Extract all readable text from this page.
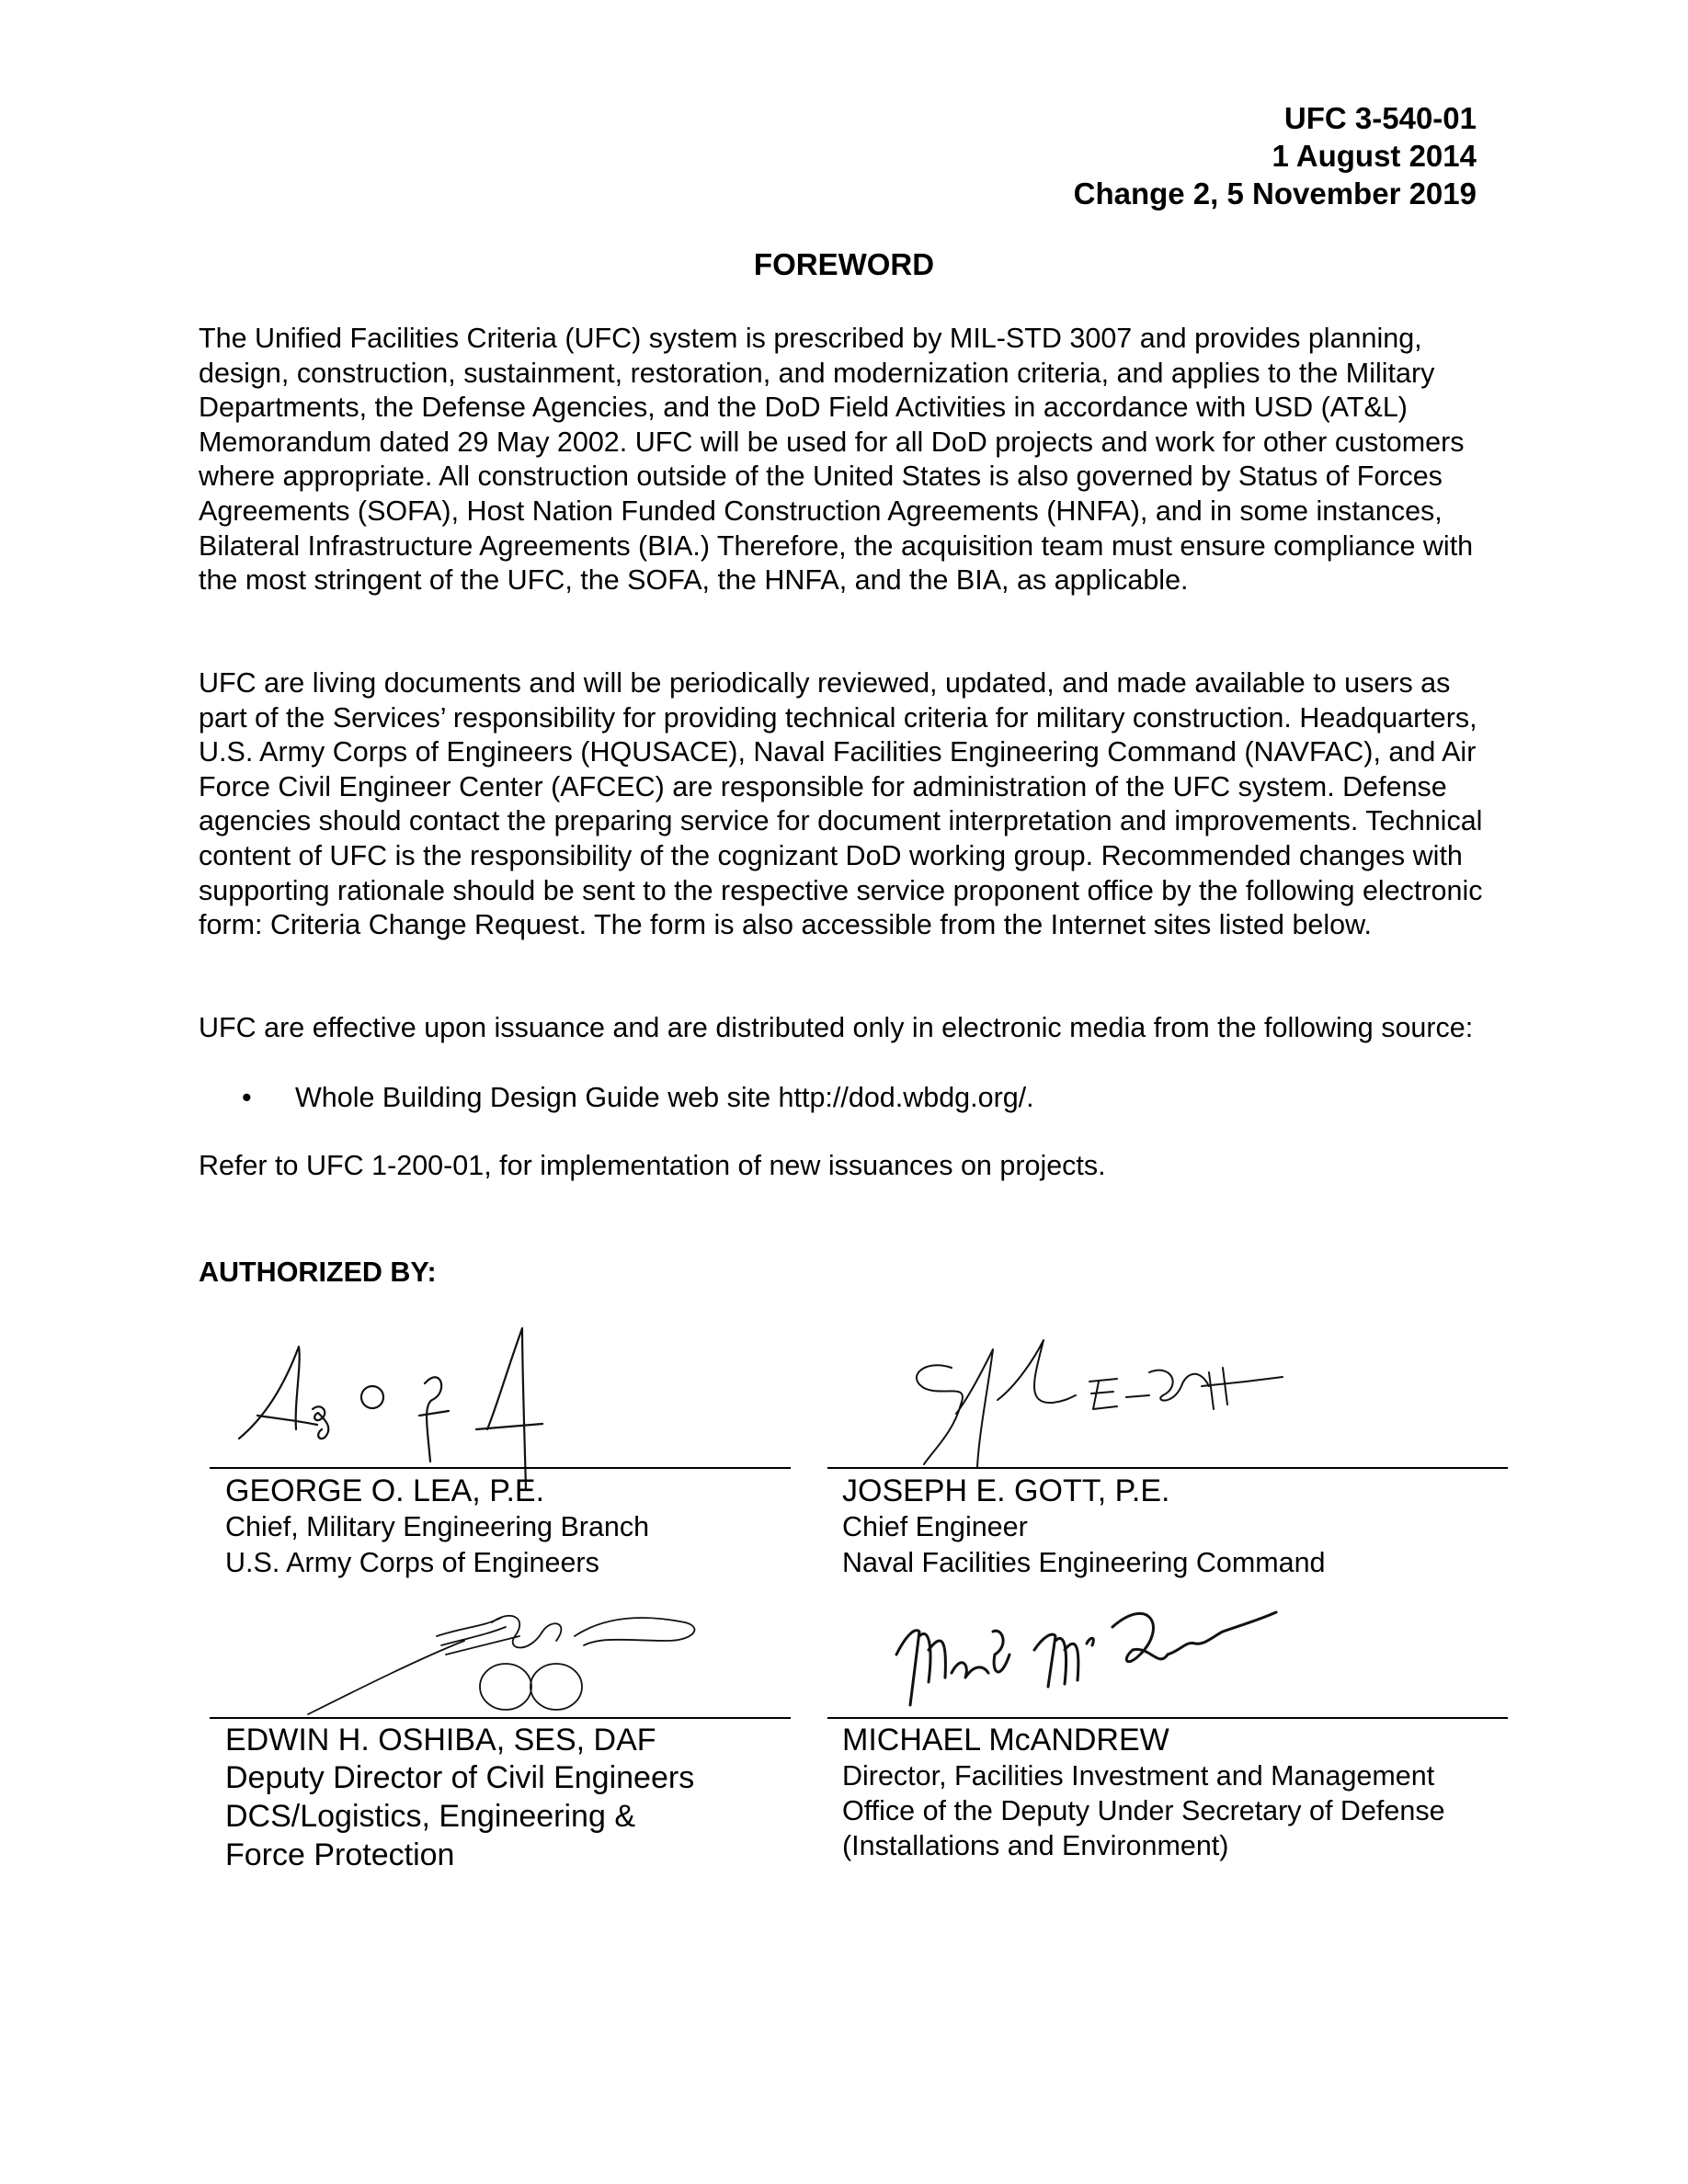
UFC 3-540-01
1 August 2014
Change 2, 5 November 2019
FOREWORD
The Unified Facilities Criteria (UFC) system is prescribed by MIL-STD 3007 and provides planning, design, construction, sustainment, restoration, and modernization criteria, and applies to the Military Departments, the Defense Agencies, and the DoD Field Activities in accordance with USD (AT&L) Memorandum dated 29 May 2002. UFC will be used for all DoD projects and work for other customers where appropriate. All construction outside of the United States is also governed by Status of Forces Agreements (SOFA), Host Nation Funded Construction Agreements (HNFA), and in some instances, Bilateral Infrastructure Agreements (BIA.) Therefore, the acquisition team must ensure compliance with the most stringent of the UFC, the SOFA, the HNFA, and the BIA, as applicable.
UFC are living documents and will be periodically reviewed, updated, and made available to users as part of the Services’ responsibility for providing technical criteria for military construction. Headquarters, U.S. Army Corps of Engineers (HQUSACE), Naval Facilities Engineering Command (NAVFAC), and Air Force Civil Engineer Center (AFCEC) are responsible for administration of the UFC system. Defense agencies should contact the preparing service for document interpretation and improvements. Technical content of UFC is the responsibility of the cognizant DoD working group. Recommended changes with supporting rationale should be sent to the respective service proponent office by the following electronic form: Criteria Change Request. The form is also accessible from the Internet sites listed below.
UFC are effective upon issuance and are distributed only in electronic media from the following source:
• Whole Building Design Guide web site http://dod.wbdg.org/.
Refer to UFC 1-200-01, for implementation of new issuances on projects.
AUTHORIZED BY:
GEORGE O. LEA, P.E.
Chief, Military Engineering Branch
U.S. Army Corps of Engineers
JOSEPH E. GOTT, P.E.
Chief Engineer
Naval Facilities Engineering Command
EDWIN H. OSHIBA, SES, DAF
Deputy Director of Civil Engineers
DCS/Logistics, Engineering &
Force Protection
MICHAEL McANDREW
Director, Facilities Investment and Management
Office of the Deputy Under Secretary of Defense
(Installations and Environment)
